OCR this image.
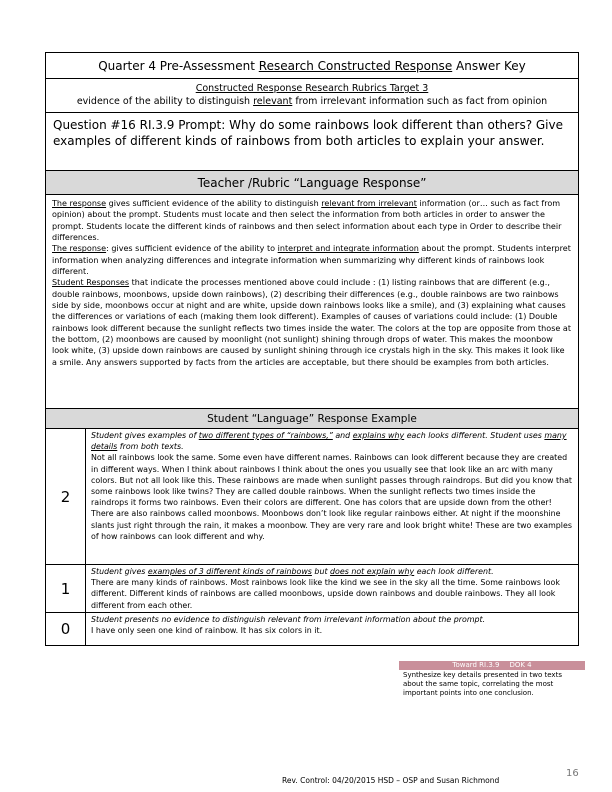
Quarter 4 Pre-Assessment Research Constructed Response Answer Key
Constructed Response Research Rubrics Target 3
evidence of the ability to distinguish relevant from irrelevant information such as fact from opinion
Question #16 RI.3.9 Prompt: Why do some rainbows look different than others? Give examples of different kinds of rainbows from both articles to explain your answer.
Teacher /Rubric “Language Response”

The response gives sufficient evidence of the ability to distinguish relevant from irrelevant information (or… such as fact from opinion) about the prompt. Students must locate and then select the information from both articles in order to answer the prompt. Students locate the different kinds of rainbows and then select information about each type in Order to describe their differences.

The response: gives sufficient evidence of the ability to interpret and integrate information about the prompt. Students interpret information when analyzing differences and integrate information when summarizing why different kinds of rainbows look different.

Student Responses that indicate the processes mentioned above could include : (1) listing rainbows that are different (e.g., double rainbows, moonbows, upside down rainbows), (2) describing their differences (e.g., double rainbows are two rainbows side by side, moonbows occur at night and are white, upside down rainbows looks like a smile), and (3) explaining what causes the differences or variations of each (making them look different). Examples of causes of variations could include: (1) Double rainbows look different because the sunlight reflects two times inside the water. The colors at the top are opposite from those at the bottom, (2) moonbows are caused by moonlight (not sunlight) shining through drops of water. This makes the moonbow look white, (3) upside down rainbows are caused by sunlight shining through ice crystals high in the sky. This makes it look like a smile. Any answers supported by facts from the articles are acceptable, but there should be examples from both articles.

Student “Language” Response Example
2

Student gives examples of two different types of “rainbows,” and explains why each looks different. Student uses many details from both texts.

Not all rainbows look the same. Some even have different names. Rainbows can look different because they are created in different ways. When I think about rainbows I think about the ones you usually see that look like an arc with many colors. But not all look like this. These rainbows are made when sunlight passes through raindrops. But did you know that some rainbows look like twins? They are called double rainbows. When the sunlight reflects two times inside the raindrops it forms two rainbows. Even their colors are different. One has colors that are upside down from the other! There are also rainbows called moonbows. Moonbows don’t look like regular rainbows either. At night if the moonshine slants just right through the rain, it makes a moonbow. They are very rare and look bright white! These are two examples of how rainbows can look different and why.

1

Student gives examples of 3 different kinds of rainbows but does not explain why each look different.

There are many kinds of rainbows. Most rainbows look like the kind we see in the sky all the time. Some rainbows look different. Different kinds of rainbows are called moonbows, upside down rainbows and double rainbows. They all look different from each other.

0

Student presents no evidence to distinguish relevant from irrelevant information about the prompt.

I have only seen one kind of rainbow. It has six colors in it.

Toward RI.3.9 DOK 4
Synthesize key details presented in two texts about the same topic, correlating the most important points into one conclusion.
Rev. Control: 04/20/2015 HSD – OSP and Susan Richmond
16
